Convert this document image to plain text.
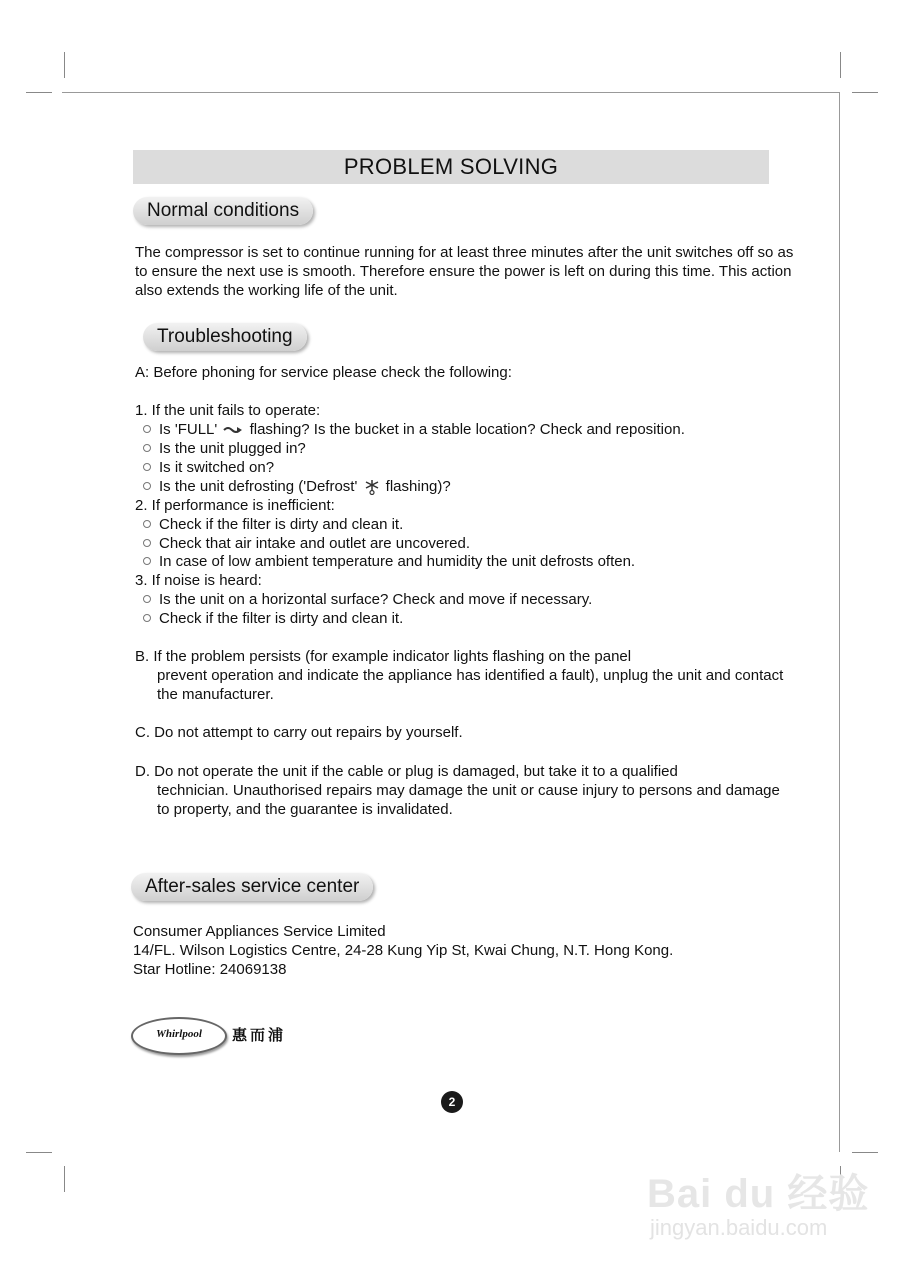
PROBLEM SOLVING
Normal conditions

The compressor is set to continue running for at least three minutes after the unit switches off so as to ensure the next use is smooth. Therefore ensure the power is left on during this time. This action also extends the working life of the unit.

Troubleshooting
A: Before phoning for service please check the following:
1. If the unit fails to operate:
Is 'FULL' flashing? Is the bucket in a stable location? Check and reposition.
Is the unit plugged in?
Is it switched on?
Is the unit defrosting ('Defrost' flashing)?
2. If performance is inefficient:
Check if the filter is dirty and clean it.
Check that air intake and outlet are uncovered.
In case of low ambient temperature and humidity the unit defrosts often.
3. If noise is heard:
Is the unit on a horizontal surface? Check and move if necessary.
Check if the filter is dirty and clean it.
B. If the problem persists (for example indicator lights flashing on the panel
prevent operation and indicate the appliance has identified a fault), unplug the unit and contact the manufacturer.
C. Do not attempt to carry out repairs by yourself.
D. Do not operate the unit if the cable or plug is damaged, but take it to a qualified
technician. Unauthorised repairs may damage the unit or cause injury to persons and damage to property, and the guarantee is invalidated.
After-sales service center
Consumer Appliances Service Limited
14/FL. Wilson Logistics Centre, 24-28 Kung Yip St, Kwai Chung, N.T. Hong Kong.
Star Hotline: 24069138
Whirlpool	惠而浦
2
Bai du 经验
jingyan.baidu.com
